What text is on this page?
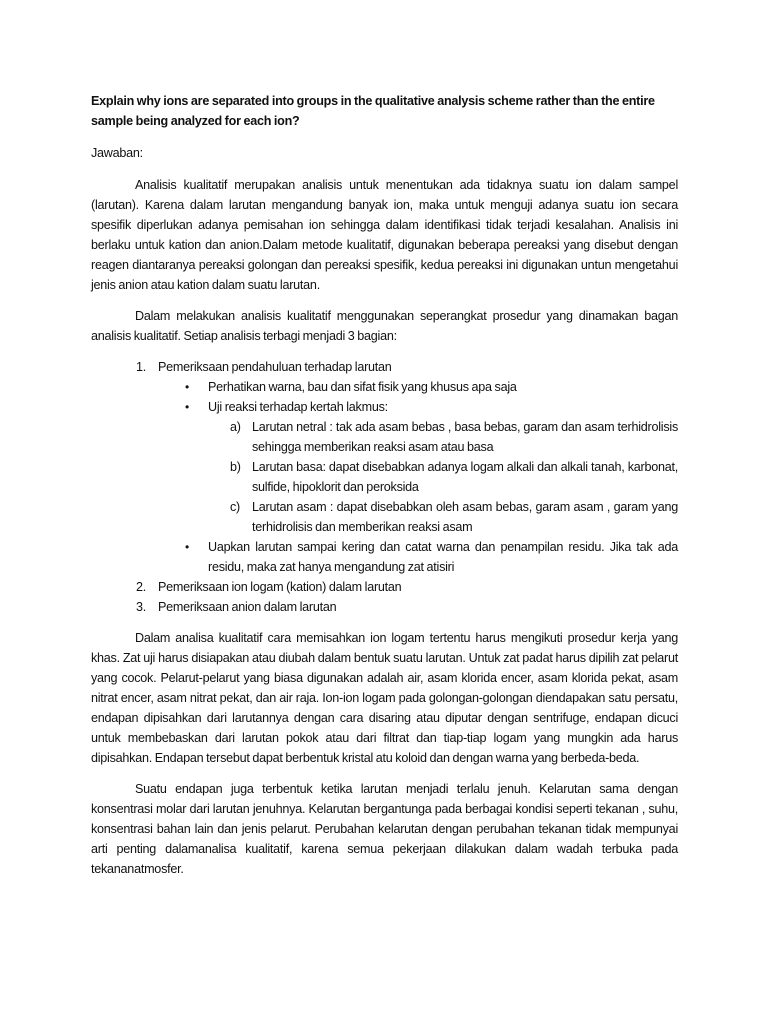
Explain why ions are separated into groups in the qualitative analysis scheme rather than the entire sample being analyzed for each ion?

Jawaban:

Analisis kualitatif merupakan analisis untuk menentukan ada tidaknya suatu ion dalam sampel (larutan). Karena dalam larutan mengandung banyak ion, maka untuk menguji adanya suatu ion secara spesifik diperlukan adanya pemisahan ion sehingga dalam identifikasi tidak terjadi kesalahan. Analisis ini berlaku untuk kation dan anion.Dalam metode kualitatif, digunakan beberapa pereaksi yang disebut dengan reagen diantaranya pereaksi golongan dan pereaksi spesifik, kedua pereaksi ini digunakan untun mengetahui jenis anion atau kation dalam suatu larutan.

Dalam melakukan analisis kualitatif menggunakan seperangkat prosedur yang dinamakan bagan analisis kualitatif. Setiap analisis terbagi menjadi 3 bagian:

1. Pemeriksaan pendahuluan terhadap larutan
• Perhatikan warna, bau dan sifat fisik yang khusus apa saja
• Uji reaksi terhadap kertah lakmus:
a) Larutan netral : tak ada asam bebas , basa bebas, garam dan asam terhidrolisis sehingga memberikan reaksi asam atau basa
b) Larutan basa: dapat disebabkan adanya logam alkali dan alkali tanah, karbonat, sulfide, hipoklorit dan peroksida
c) Larutan asam : dapat disebabkan oleh asam bebas, garam asam , garam yang terhidrolisis dan memberikan reaksi asam
• Uapkan larutan sampai kering dan catat warna dan penampilan residu. Jika tak ada residu, maka zat hanya mengandung zat atisiri
2. Pemeriksaan ion logam (kation) dalam larutan
3. Pemeriksaan anion dalam larutan

Dalam analisa kualitatif cara memisahkan ion logam tertentu harus mengikuti prosedur kerja yang khas. Zat uji harus disiapakan atau diubah dalam bentuk suatu larutan. Untuk zat padat harus dipilih zat pelarut yang cocok. Pelarut-pelarut yang biasa digunakan adalah air, asam klorida encer, asam klorida pekat, asam nitrat encer, asam nitrat pekat, dan air raja. Ion-ion logam pada golongan-golongan diendapakan satu persatu, endapan dipisahkan dari larutannya dengan cara disaring atau diputar dengan sentrifuge, endapan dicuci untuk membebaskan dari larutan pokok atau dari filtrat dan tiap-tiap logam yang mungkin ada harus dipisahkan. Endapan tersebut dapat berbentuk kristal atu koloid dan dengan warna yang berbeda-beda.

Suatu endapan juga terbentuk ketika larutan menjadi terlalu jenuh. Kelarutan sama dengan konsentrasi molar dari larutan jenuhnya. Kelarutan bergantunga pada berbagai kondisi seperti tekanan , suhu, konsentrasi bahan lain dan jenis pelarut. Perubahan kelarutan dengan perubahan tekanan tidak mempunyai arti penting dalamanalisa kualitatif, karena semua pekerjaan dilakukan dalam wadah terbuka pada tekananatmosfer.
